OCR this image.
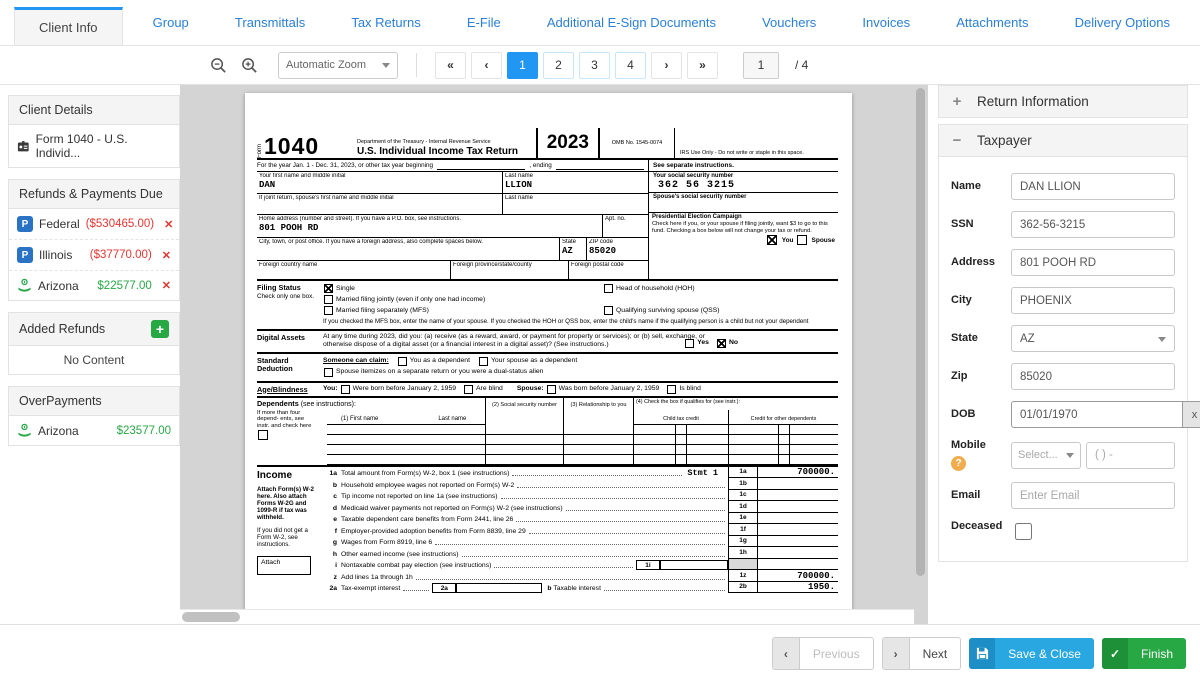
Client Info	Group	Transmittals	Tax Returns	E-File	Additional E-Sign Documents	Vouchers	Invoices	Attachments	Delivery Options
Automatic Zoom	«	‹	1	2	3	4	›	»
1	/ 4
Client Details
Form 1040 - U.S. Individ...
Refunds & Payments Due
P Federal ($530465.00) ✕
P Illinois ($37770.00) ✕
Arizona $22577.00 ✕
Added Refunds	+
No Content
OverPayments
Arizona	$23577.00
Form 1040	Department of the Treasury - Internal Revenue Service
U.S. Individual Income Tax Return	2023	OMB No. 1545-0074
IRS Use Only - Do not write or staple in this space.
For the year Jan. 1 - Dec. 31, 2023, or other tax year beginning	, ending
Your first name and middle initial
DAN
Last name
LLION
If joint return, spouse's first name and middle initial	Last name
Home address (number and street). If you have a P.O. box, see instructions.
801 POOH RD
Apt. no.
City, town, or post office. If you have a foreign address, also complete spaces below.	State
AZ
ZIP code
85020
Foreign country name	Foreign province/state/county	Foreign postal code
See separate instructions.
Your social security number
362 56 3215
Spouse's social security number
Presidential Election Campaign
Check here if you, or your spouse if filing jointly, want $3 to go to this fund. Checking a box below will not change your tax or refund.
You	Spouse
Filing Status
Check only one box.
Single	Head of household (HOH)
Married filing jointly (even if only one had income)
Married filing separately (MFS)	Qualifying surviving spouse (QSS)
If you checked the MFS box, enter the name of your spouse. If you checked the HOH or QSS box, enter the child's name if the qualifying person is a child but not your dependent
Digital Assets	At any time during 2023, did you: (a) receive (as a reward, award, or payment for property or services); or (b) sell, exchange, or otherwise dispose of a digital asset (or a financial interest in a digital asset)? (See instructions.)	Yes	No
Standard Deduction
Someone can claim:	You as a dependent	Your spouse as a dependent
Spouse itemizes on a separate return or you were a dual-status alien
Age/Blindness	You: Were born before January 2, 1959	Are blind Spouse: Was born before January 2, 1959	Is blind
Dependents (see instructions):	(2) Social security number	(3) Relationship to you	(4) Check the box if qualifies for (see instr.):
If more than four depend- ents, see instr. and check here
(1) First name	Last name	Child tax credit	Credit for other dependents
Income
Attach Form(s) W-2 here. Also attach Forms W-2G and 1099-R if tax was withheld.
If you did not get a Form W-2, see instructions.
Attach
1a Total amount from Form(s) W-2, box 1 (see instructions)	Stmt 1	1a	700000.
b Household employee wages not reported on Form(s) W-2	1b
c Tip income not reported on line 1a (see instructions)	1c
d Medicaid waiver payments not reported on Form(s) W-2 (see instructions)	1d
e Taxable dependent care benefits from Form 2441, line 26	1e
f Employer-provided adoption benefits from Form 8839, line 29	1f
g Wages from Form 8919, line 6	1g
h Other earned income (see instructions)	1h
i Nontaxable combat pay election (see instructions)	1i
z Add lines 1a through 1h	1z	700000.
2a Tax-exempt interest	2a	b Taxable interest	2b	1950.
+ Return Information
− Taxpayer
Name
DAN LLION
SSN
362-56-3215
Address
801 POOH RD
City
PHOENIX
State	AZ
Zip
85020
DOB
01/01/1970	x
Mobile
?
Select...
( ) -
Email
Enter Email
Deceased
‹	Previous	›	Next	Save & Close	✓	Finish
